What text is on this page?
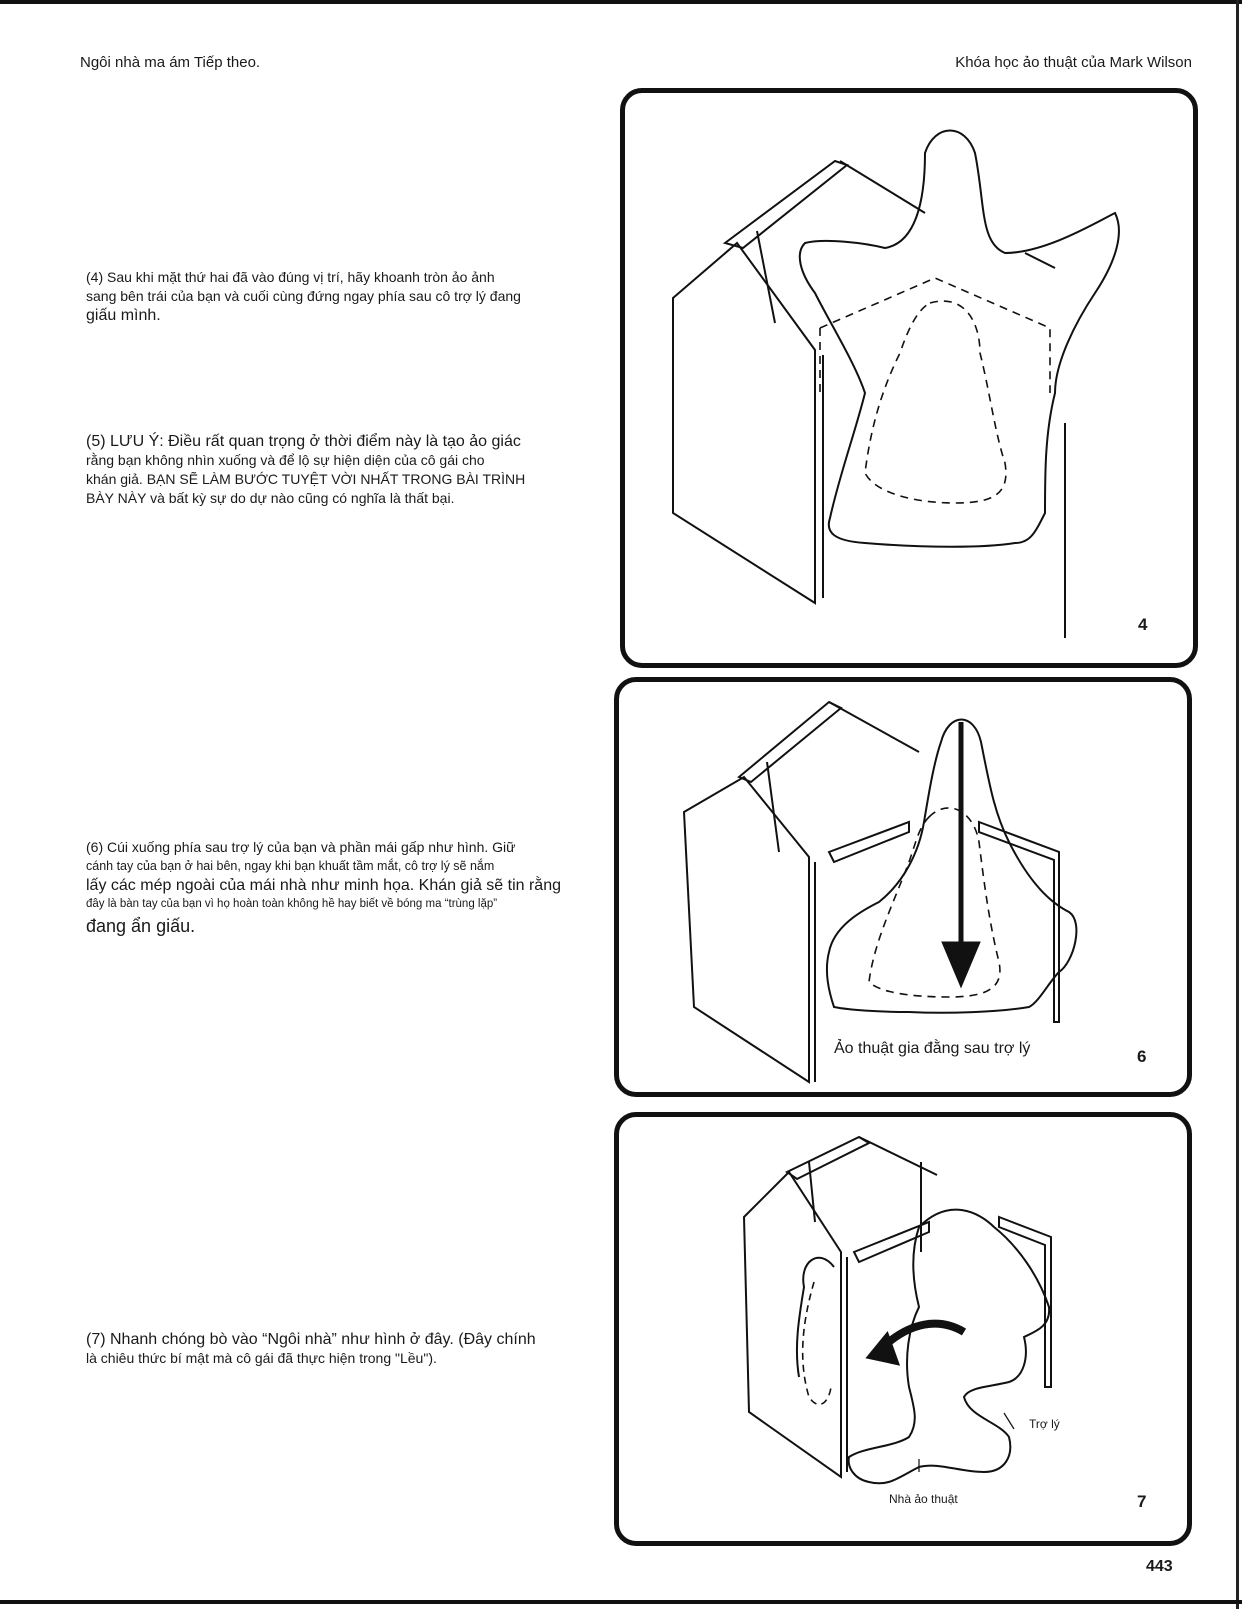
Ngôi nhà ma ám Tiếp theo.	Khóa học ảo thuật của Mark Wilson

(4) Sau khi mặt thứ hai đã vào đúng vị trí, hãy khoanh tròn ảo ảnh

sang bên trái của bạn và cuối cùng đứng ngay phía sau cô trợ lý đang

giấu mình.

(5) LƯU Ý: Điều rất quan trọng ở thời điểm này là tạo ảo giác

rằng bạn không nhìn xuống và để lộ sự hiện diện của cô gái cho

khán giả. BẠN SẼ LÀM BƯỚC TUYỆT VỜI NHẤT TRONG BÀI TRÌNH

BÀY NÀY và bất kỳ sự do dự nào cũng có nghĩa là thất bại.

(6) Cúi xuống phía sau trợ lý của bạn và phần mái gấp như hình. Giữ

cánh tay của bạn ở hai bên, ngay khi bạn khuất tầm mắt, cô trợ lý sẽ nắm

lấy các mép ngoài của mái nhà như minh họa. Khán giả sẽ tin rằng

đây là bàn tay của bạn vì họ hoàn toàn không hề hay biết về bóng ma “trùng lặp”

đang ẩn giấu.

(7) Nhanh chóng bò vào “Ngôi nhà” như hình ở đây. (Đây chính

là chiêu thức bí mật mà cô gái đã thực hiện trong "Lều").

4
Ảo thuật gia đằng sau trợ lý	6
Trợ lý
Nhà ảo thuật	7
443
